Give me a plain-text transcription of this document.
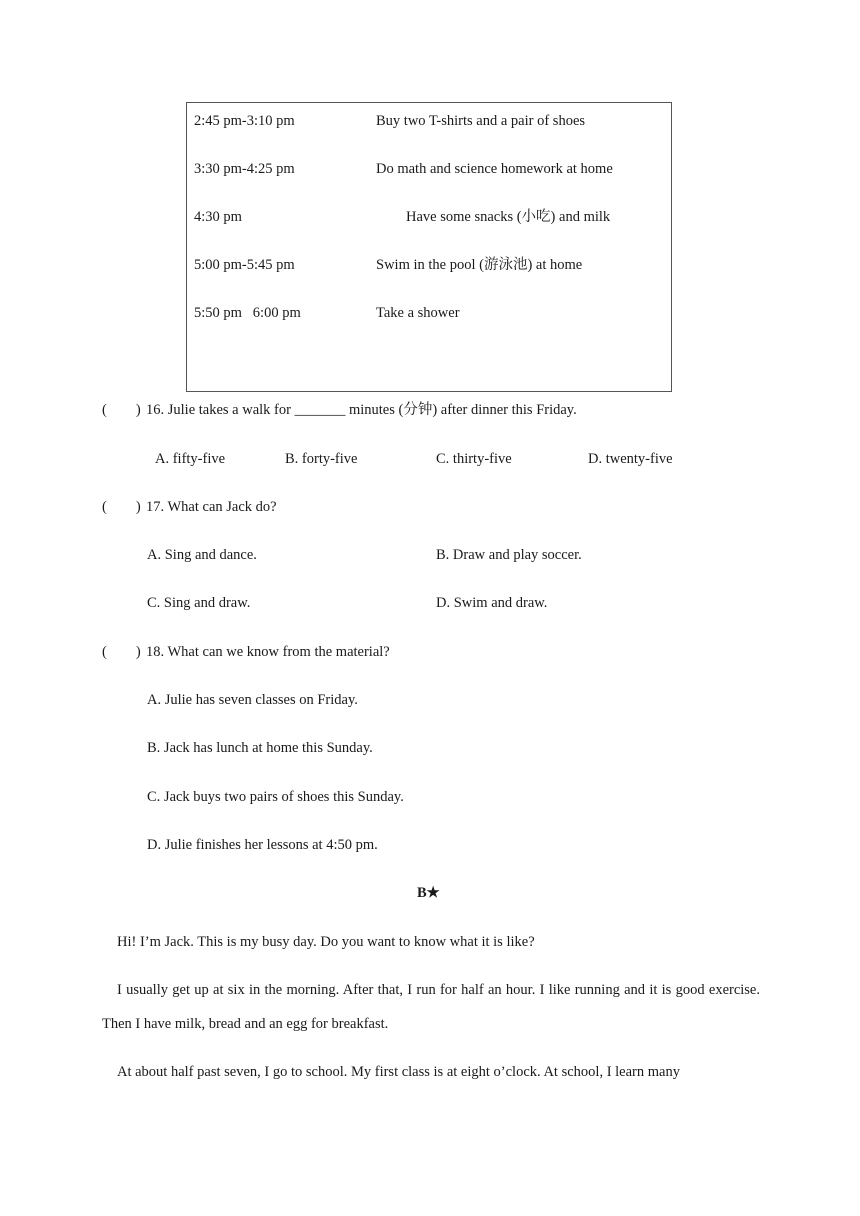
2:45 pm-3:10 pm	Buy two T-shirts and a pair of shoes
3:30 pm-4:25 pm	Do math and science homework at home
4:30 pm	Have some snacks (小吃) and milk
5:00 pm-5:45 pm	Swim in the pool (游泳池) at home
5:50 pm   6:00 pm	Take a shower
(        ) 16. Julie takes a walk for _______ minutes (分钟) after dinner this Friday.
A. fifty-five	B. forty-five	C. thirty-five	D. twenty-five
(        ) 17. What can Jack do?
A. Sing and dance.	B. Draw and play soccer.
C. Sing and draw.	D. Swim and draw.
(        ) 18. What can we know from the material?
A. Julie has seven classes on Friday.
B. Jack has lunch at home this Sunday.
C. Jack buys two pairs of shoes this Sunday.
D. Julie finishes her lessons at 4:50 pm.
B★
Hi! I’m Jack. This is my busy day. Do you want to know what it is like?
I usually get up at six in the morning. After that, I run for half an hour. I like running and it is good exercise. Then I have milk, bread and an egg for breakfast.
At about half past seven, I go to school. My first class is at eight o’clock. At school, I learn many
